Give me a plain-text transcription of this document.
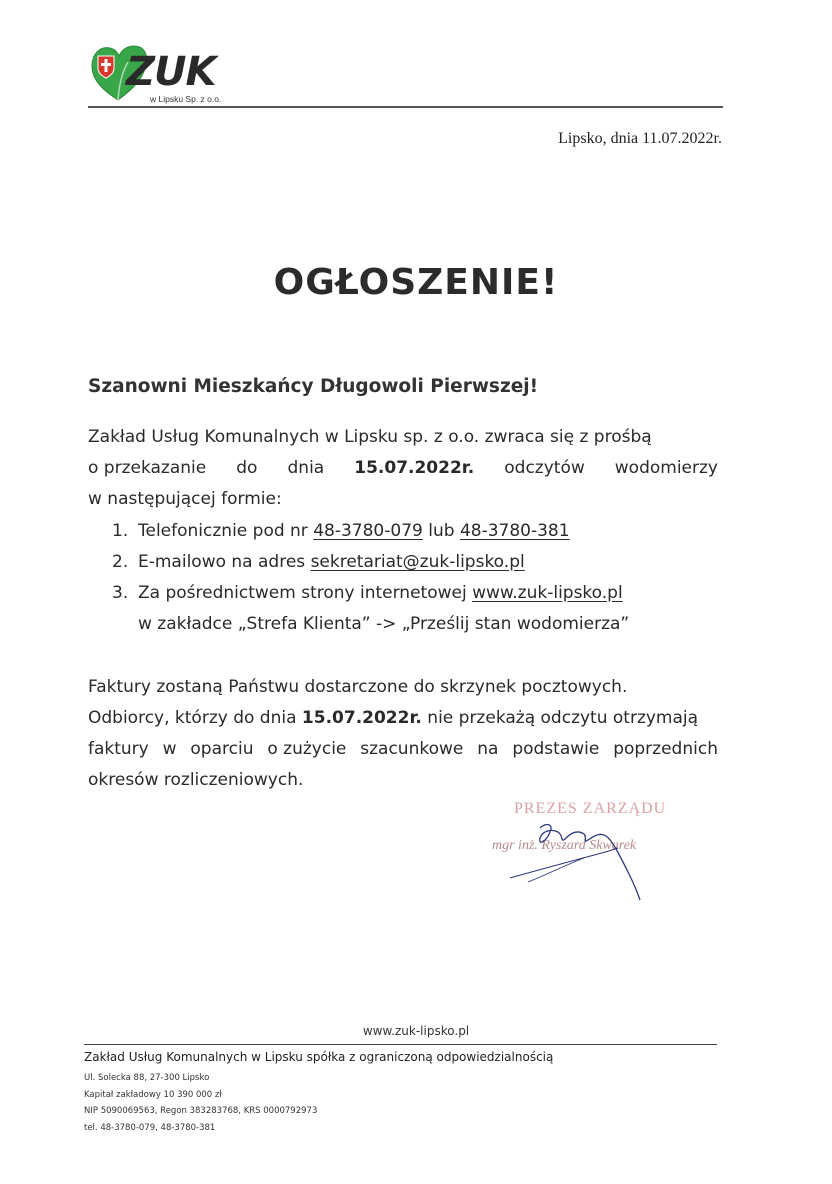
ZUK
w Lipsku Sp. z o.o.
Lipsko, dnia 11.07.2022r.
OGŁOSZENIE!
Szanowni Mieszkańcy Długowoli Pierwszej!
Zakład Usług Komunalnych w Lipsku sp. z o.o. zwraca się z prośbą
o przekazanie do dnia 15.07.2022r. odczytów wodomierzy
w następującej formie:
1. Telefonicznie pod nr 48-3780-079 lub 48-3780-381
2. E-mailowo na adres sekretariat@zuk-lipsko.pl
3. Za pośrednictwem strony internetowej www.zuk-lipsko.pl
w zakładce „Strefa Klienta” -> „Prześlij stan wodomierza”
Faktury zostaną Państwu dostarczone do skrzynek pocztowych.
Odbiorcy, którzy do dnia 15.07.2022r. nie przekażą odczytu otrzymają
faktury w oparciu o zużycie szacunkowe na podstawie poprzednich
okresów rozliczeniowych.
PREZES ZARZĄDU
mgr inż. Ryszard Skwarek
www.zuk-lipsko.pl
Zakład Usług Komunalnych w Lipsku spółka z ograniczoną odpowiedzialnością
Ul. Solecka 88, 27-300 Lipsko
Kapitał zakładowy 10 390 000 zł
NIP 5090069563, Regon 383283768, KRS 0000792973
tel. 48-3780-079, 48-3780-381
